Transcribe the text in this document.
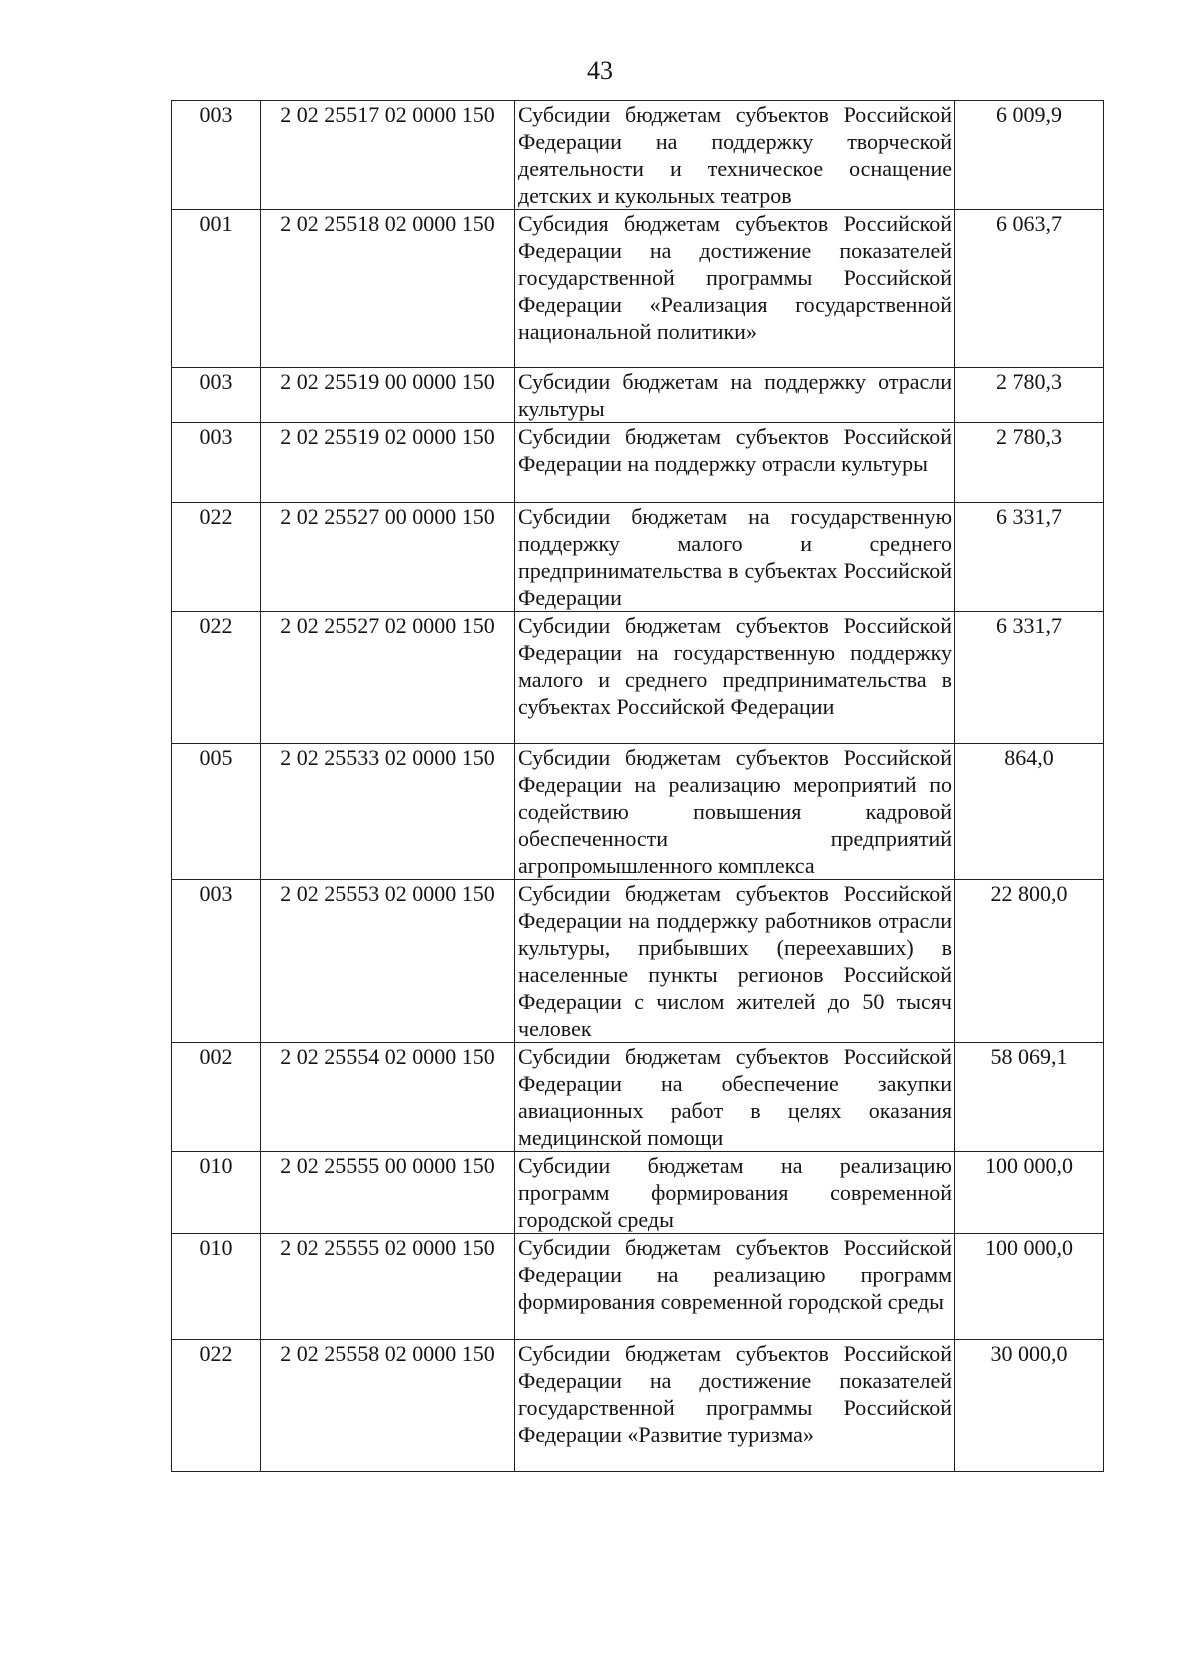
43
003	2 02 25517 02 0000 150	Субсидии бюджетам субъектов Российской Федерации на поддержку творческой деятельности и техническое оснащение детских и кукольных театров	6 009,9
001	2 02 25518 02 0000 150	Субсидия бюджетам субъектов Российской Федерации на достижение показателей государственной программы Российской Федерации «Реализация государственной национальной политики»	6 063,7
003	2 02 25519 00 0000 150	Субсидии бюджетам на поддержку отрасли культуры	2 780,3
003	2 02 25519 02 0000 150	Субсидии бюджетам субъектов Российской Федерации на поддержку отрасли культуры	2 780,3
022	2 02 25527 00 0000 150	Субсидии бюджетам на государственную поддержку малого и среднего предпринимательства в субъектах Российской Федерации	6 331,7
022	2 02 25527 02 0000 150	Субсидии бюджетам субъектов Российской Федерации на государственную поддержку малого и среднего предпринимательства в субъектах Российской Федерации	6 331,7
005	2 02 25533 02 0000 150	Субсидии бюджетам субъектов Российской Федерации на реализацию мероприятий по содействию повышения кадровой обеспеченности предприятий агропромышленного комплекса	864,0
003	2 02 25553 02 0000 150	Субсидии бюджетам субъектов Российской Федерации на поддержку работников отрасли культуры, прибывших (переехавших) в населенные пункты регионов Российской Федерации с числом жителей до 50 тысяч человек	22 800,0
002	2 02 25554 02 0000 150	Субсидии бюджетам субъектов Российской Федерации на обеспечение закупки авиационных работ в целях оказания медицинской помощи	58 069,1
010	2 02 25555 00 0000 150	Субсидии бюджетам на реализацию программ формирования современной городской среды	100 000,0
010	2 02 25555 02 0000 150	Субсидии бюджетам субъектов Российской Федерации на реализацию программ формирования современной городской среды	100 000,0
022	2 02 25558 02 0000 150	Субсидии бюджетам субъектов Российской Федерации на достижение показателей государственной программы Российской Федерации «Развитие туризма»	30 000,0
